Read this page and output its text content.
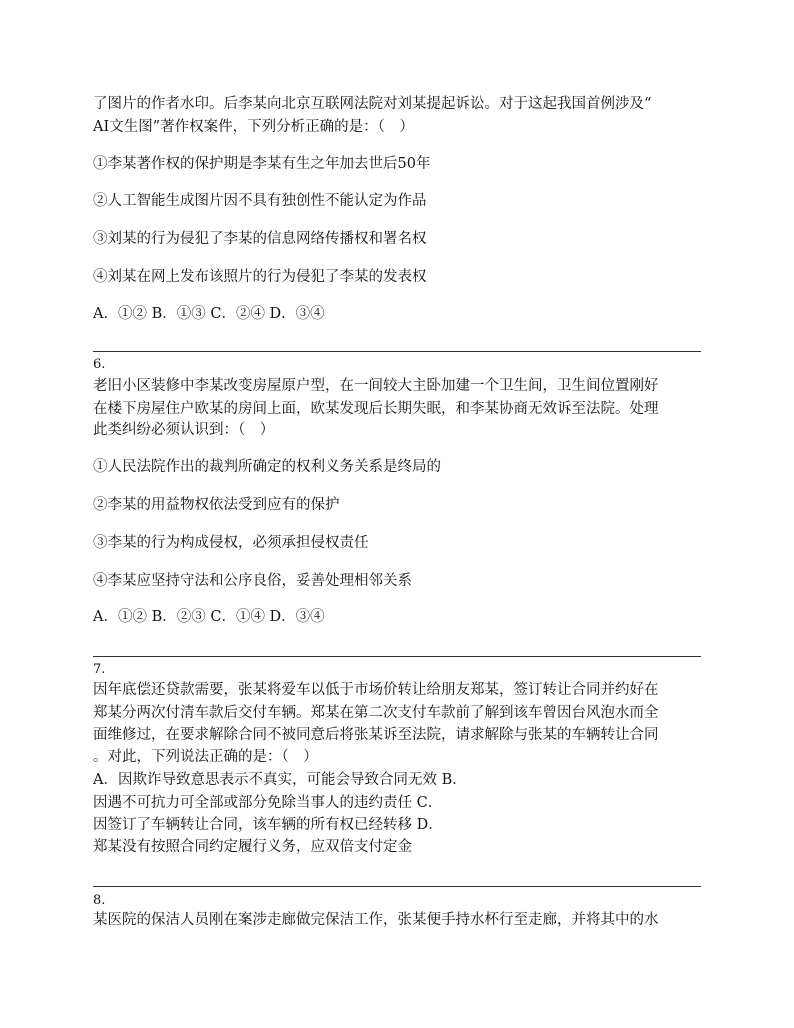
了图片的作者水印。后李某向北京互联网法院对刘某提起诉讼。对于这起我国首例涉及“
AI文生图”著作权案件，下列分析正确的是：（　）
①李某著作权的保护期是李某有生之年加去世后50年
②人工智能生成图片因不具有独创性不能认定为作品
③刘某的行为侵犯了李某的信息网络传播权和署名权
④刘某在网上发布该照片的行为侵犯了李某的发表权
A．①② B．①③ C．②④ D．③④
6.
老旧小区装修中李某改变房屋原户型，在一间较大主卧加建一个卫生间，卫生间位置刚好
在楼下房屋住户欧某的房间上面，欧某发现后长期失眠，和李某协商无效诉至法院。处理
此类纠纷必须认识到：（　）
①人民法院作出的裁判所确定的权利义务关系是终局的
②李某的用益物权依法受到应有的保护
③李某的行为构成侵权，必须承担侵权责任
④李某应坚持守法和公序良俗，妥善处理相邻关系
A．①② B．②③ C．①④ D．③④
7.
因年底偿还贷款需要，张某将爱车以低于市场价转让给朋友郑某，签订转让合同并约好在
郑某分两次付清车款后交付车辆。郑某在第二次支付车款前了解到该车曾因台风泡水而全
面维修过，在要求解除合同不被同意后将张某诉至法院，请求解除与张某的车辆转让合同
。对此，下列说法正确的是：（　）
A．因欺诈导致意思表示不真实，可能会导致合同无效 B．
因遇不可抗力可全部或部分免除当事人的违约责任 C．
因签订了车辆转让合同，该车辆的所有权已经转移 D．
郑某没有按照合同约定履行义务，应双倍支付定金
8.
某医院的保洁人员刚在案涉走廊做完保洁工作，张某便手持水杯行至走廊，并将其中的水
